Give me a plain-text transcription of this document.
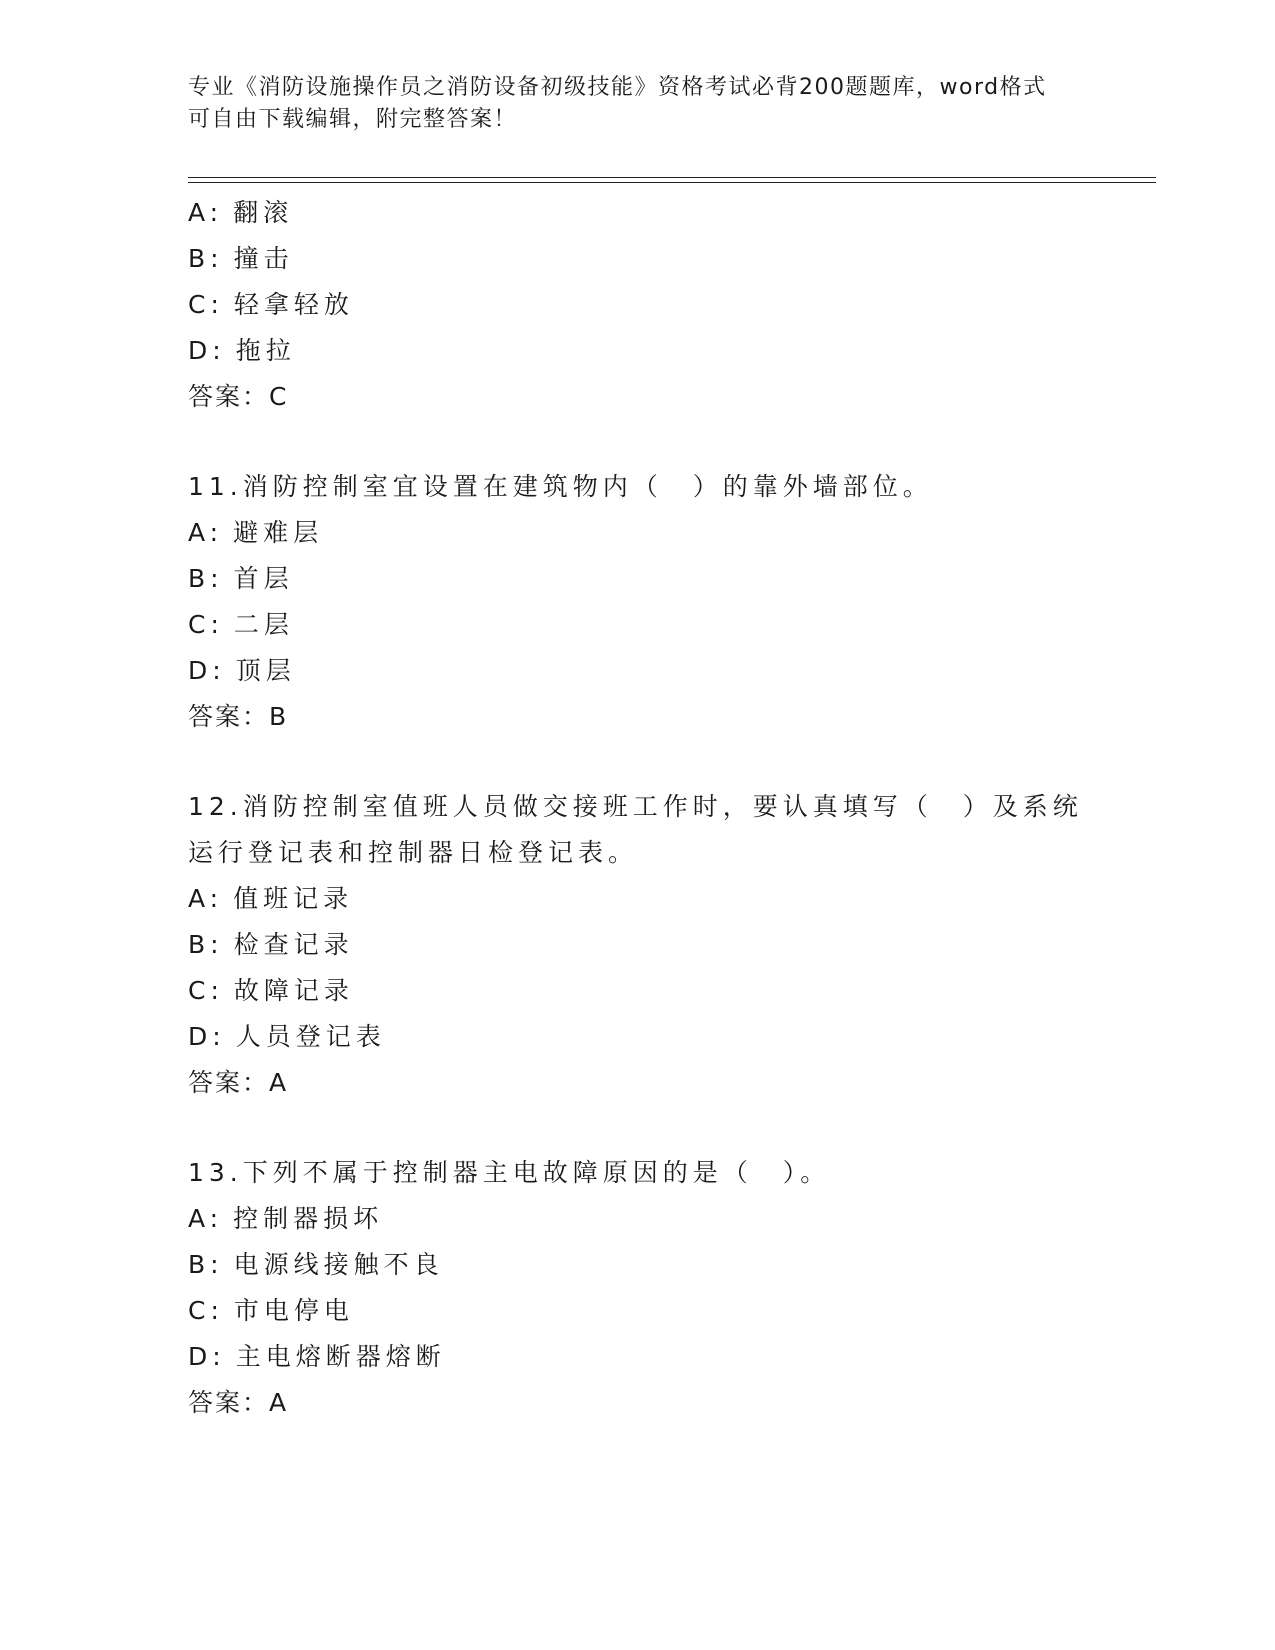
专业《消防设施操作员之消防设备初级技能》资格考试必背200题题库，word格式可自由下载编辑，附完整答案！
A: 翻滚
B: 撞击
C: 轻拿轻放
D: 拖拉
答案：C
11.消防控制室宜设置在建筑物内（　）的靠外墙部位。
A: 避难层
B: 首层
C: 二层
D: 顶层
答案：B
12.消防控制室值班人员做交接班工作时，要认真填写（　）及系统运行登记表和控制器日检登记表。
A: 值班记录
B: 检查记录
C: 故障记录
D: 人员登记表
答案：A
13.下列不属于控制器主电故障原因的是（　）。
A: 控制器损坏
B: 电源线接触不良
C: 市电停电
D: 主电熔断器熔断
答案：A
